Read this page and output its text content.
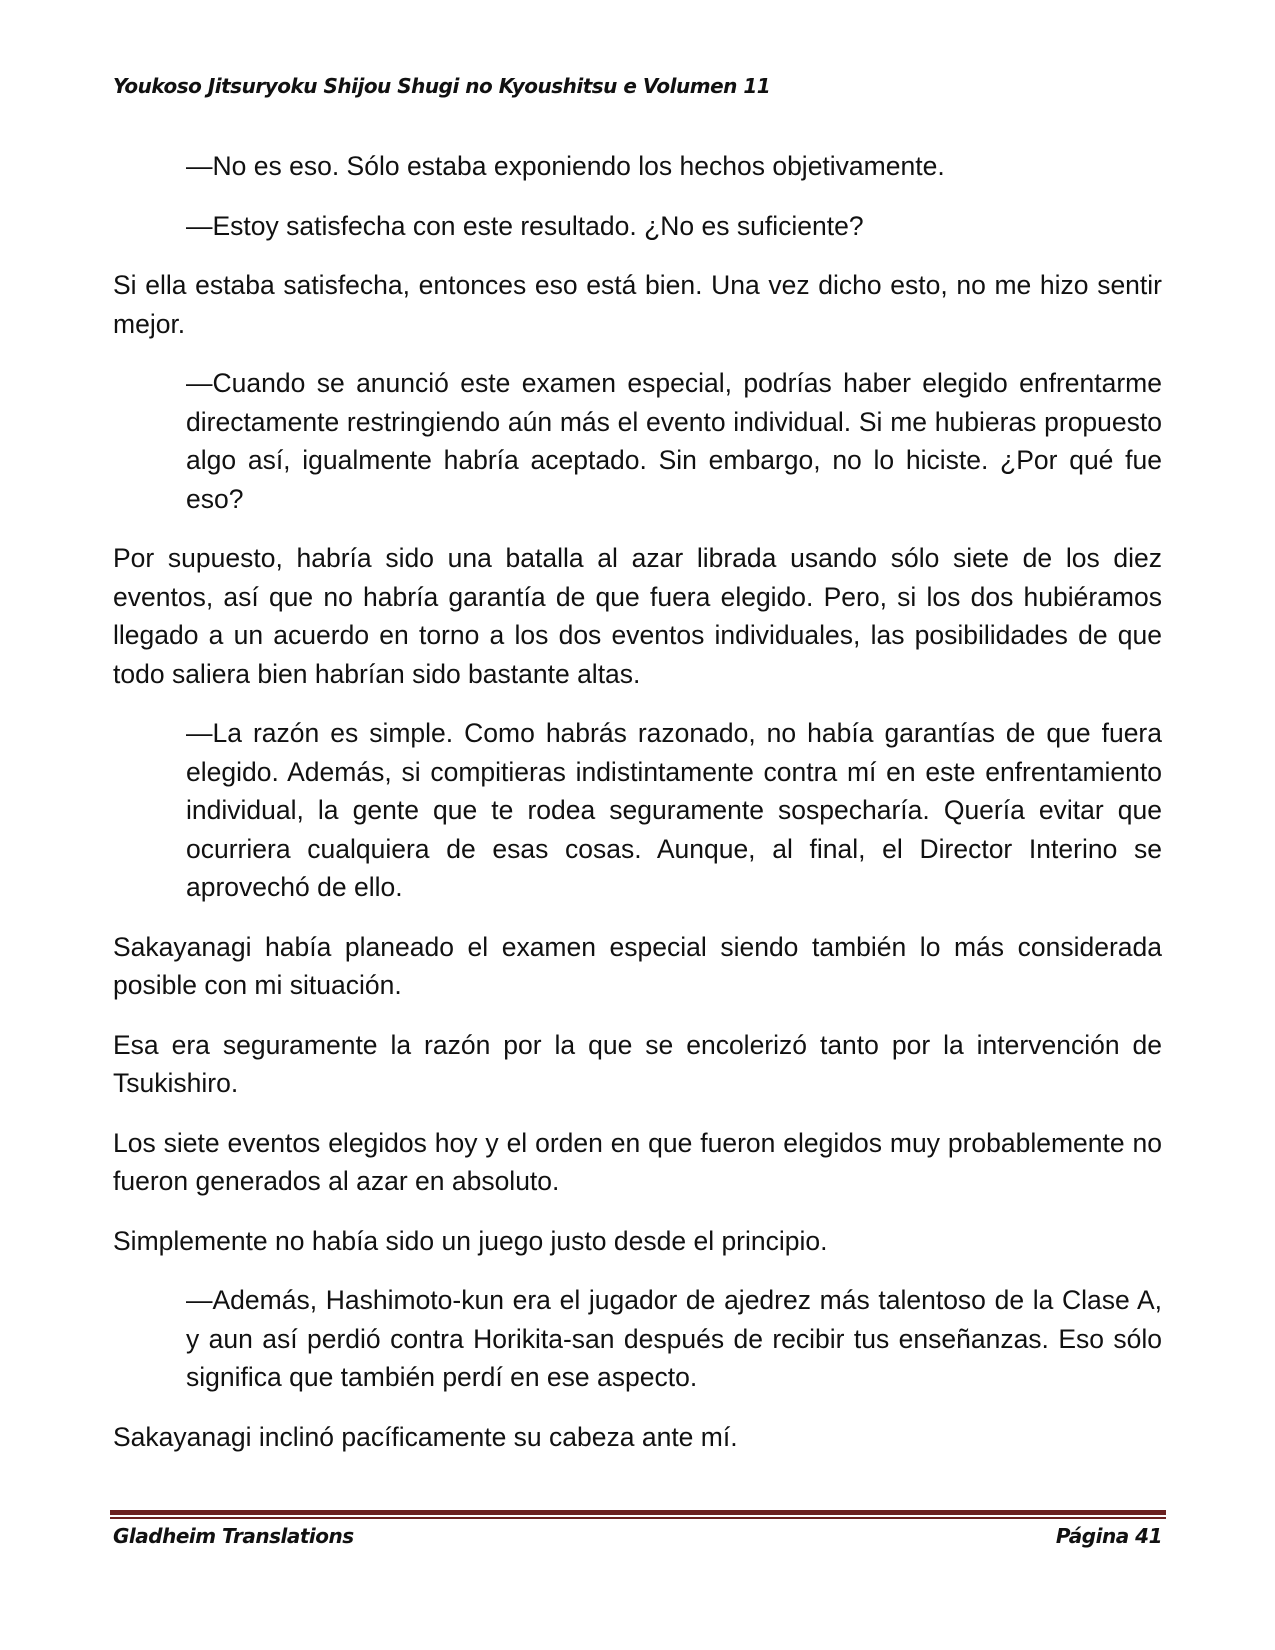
Youkoso Jitsuryoku Shijou Shugi no Kyoushitsu e Volumen 11

—No es eso. Sólo estaba exponiendo los hechos objetivamente.

—Estoy satisfecha con este resultado. ¿No es suficiente?

Si ella estaba satisfecha, entonces eso está bien. Una vez dicho esto, no me hizo sentir mejor.

—Cuando se anunció este examen especial, podrías haber elegido enfrentarme directamente restringiendo aún más el evento individual. Si me hubieras propuesto algo así, igualmente habría aceptado. Sin embargo, no lo hiciste. ¿Por qué fue eso?

Por supuesto, habría sido una batalla al azar librada usando sólo siete de los diez eventos, así que no habría garantía de que fuera elegido. Pero, si los dos hubiéramos llegado a un acuerdo en torno a los dos eventos individuales, las posibilidades de que todo saliera bien habrían sido bastante altas.

—La razón es simple. Como habrás razonado, no había garantías de que fuera elegido. Además, si compitieras indistintamente contra mí en este enfrentamiento individual, la gente que te rodea seguramente sospecharía. Quería evitar que ocurriera cualquiera de esas cosas. Aunque, al final, el Director Interino se aprovechó de ello.

Sakayanagi había planeado el examen especial siendo también lo más considerada posible con mi situación.

Esa era seguramente la razón por la que se encolerizó tanto por la intervención de Tsukishiro.

Los siete eventos elegidos hoy y el orden en que fueron elegidos muy probablemente no fueron generados al azar en absoluto.

Simplemente no había sido un juego justo desde el principio.

—Además, Hashimoto-kun era el jugador de ajedrez más talentoso de la Clase A, y aun así perdió contra Horikita-san después de recibir tus enseñanzas. Eso sólo significa que también perdí en ese aspecto.

Sakayanagi inclinó pacíficamente su cabeza ante mí.

Gladheim Translations	Página 41
